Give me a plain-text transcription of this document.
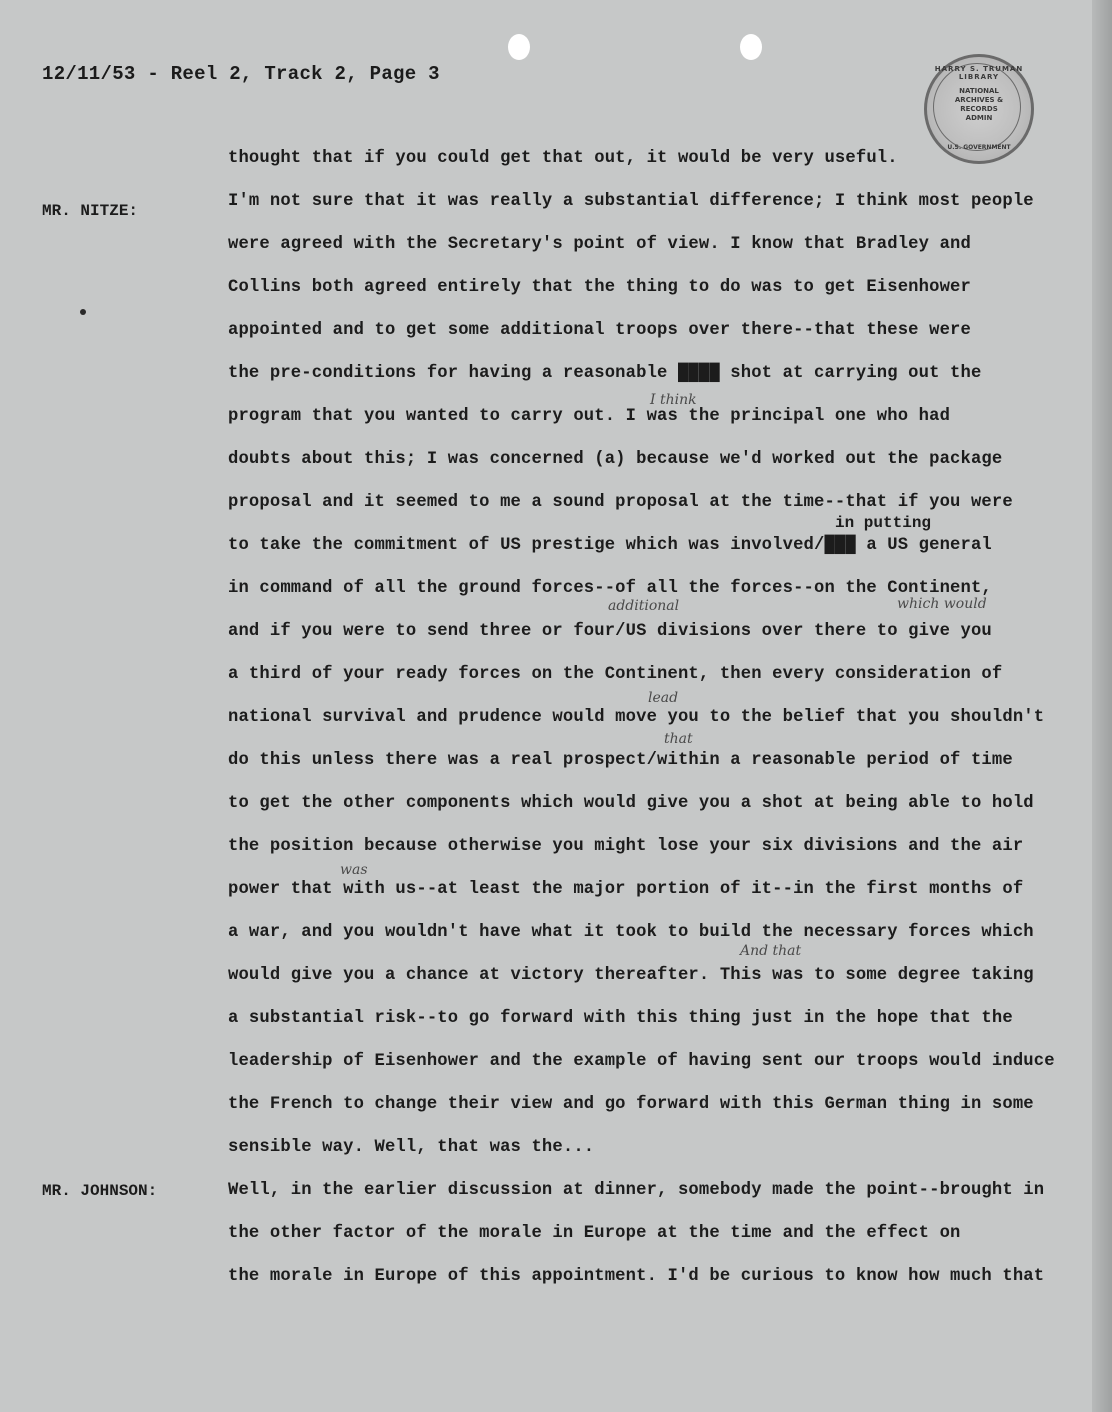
12/11/53 - Reel 2, Track 2, Page 3	HARRY S. TRUMAN LIBRARY
NATIONAL
ARCHIVES &
RECORDS
ADMIN
U.S. GOVERNMENT
MR. NITZE:
MR. JOHNSON:
thought that if you could get that out, it would be very useful.
I'm not sure that it was really a substantial difference; I think most people
were agreed with the Secretary's point of view. I know that Bradley and
Collins both agreed entirely that the thing to do was to get Eisenhower
appointed and to get some additional troops over there--that these were
the pre-conditions for having a reasonable ████ shot at carrying out the
program that you wanted to carry out. I was the principal one who had
doubts about this; I was concerned (a) because we'd worked out the package
proposal and it seemed to me a sound proposal at the time--that if you were
to take the commitment of US prestige which was involved/███ a US general
in command of all the ground forces--of all the forces--on the Continent,
and if you were to send three or four/US divisions over there to give you
a third of your ready forces on the Continent, then every consideration of
national survival and prudence would move you to the belief that you shouldn't
do this unless there was a real prospect/within a reasonable period of time
to get the other components which would give you a shot at being able to hold
the position because otherwise you might lose your six divisions and the air
power that with us--at least the major portion of it--in the first months of
a war, and you wouldn't have what it took to build the necessary forces which
would give you a chance at victory thereafter. This was to some degree taking
a substantial risk--to go forward with this thing just in the hope that the
leadership of Eisenhower and the example of having sent our troops would induce
the French to change their view and go forward with this German thing in some
sensible way. Well, that was the...
Well, in the earlier discussion at dinner, somebody made the point--brought in
the other factor of the morale in Europe at the time and the effect on
the morale in Europe of this appointment. I'd be curious to know how much that
I think
in putting
additional	which would
lead
that
was
And that
